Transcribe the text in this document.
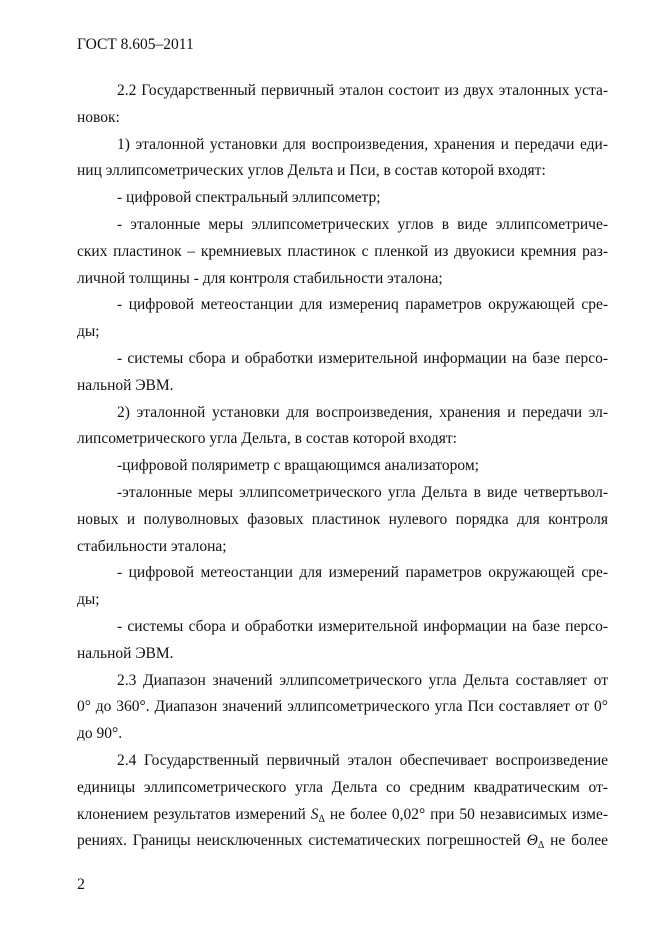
ГОСТ 8.605–2011
2.2 Государственный первичный эталон состоит из двух эталонных уста-
новок:
1) эталонной установки для воспроизведения, хранения и передачи еди-
ниц эллипсометрических углов Дельта и Пси, в состав которой входят:
- цифровой спектральный эллипсометр;
- эталонные меры эллипсометрических углов в виде эллипсометриче-
ских пластинок – кремниевых пластинок с пленкой из двуокиси кремния раз-
личной толщины - для контроля стабильности эталона;
- цифровой метеостанции для измерениq параметров окружающей сре-
ды;
- системы сбора и обработки измерительной информации на базе персо-
нальной ЭВМ.
2) эталонной установки для воспроизведения, хранения и передачи эл-
липсометрического угла Дельта, в состав которой входят:
-цифровой поляриметр с вращающимся анализатором;
-эталонные меры эллипсометрического угла Дельта в виде четвертьвол-
новых и полуволновых фазовых пластинок нулевого порядка для контроля
стабильности эталона;
- цифровой метеостанции для измерений параметров окружающей сре-
ды;
- системы сбора и обработки измерительной информации на базе персо-
нальной ЭВМ.
2.3 Диапазон значений эллипсометрического угла Дельта составляет от
0° до 360°. Диапазон значений эллипсометрического угла Пси составляет от 0°
до 90°.
2.4 Государственный первичный эталон обеспечивает воспроизведение
единицы эллипсометрического угла Дельта со средним квадратическим от-
клонением результатов измерений $S_\Delta$ не более 0,02° при 50 независимых изме-
рениях. Границы неисключенных систематических погрешностей $\Theta_\Delta$ не более
2
